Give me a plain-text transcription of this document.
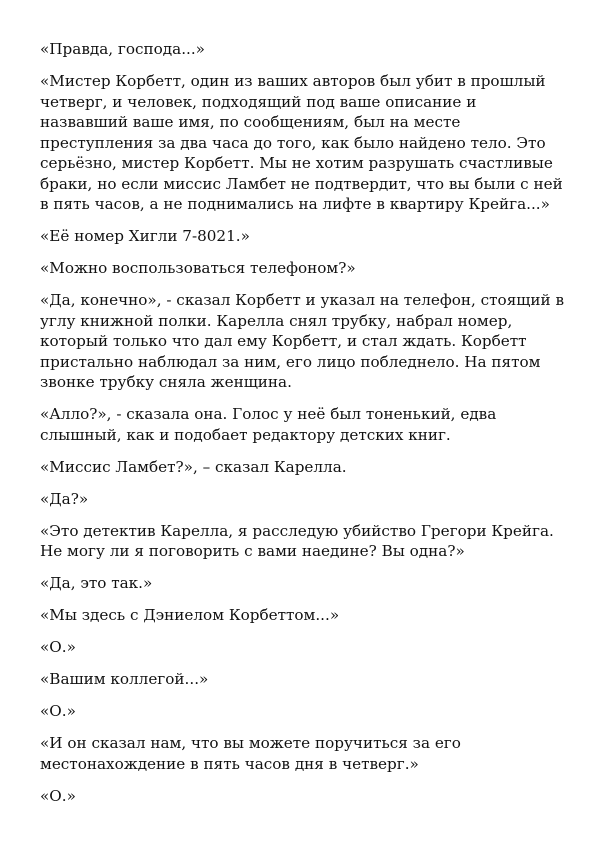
«Правда, господа...»

«Мистер Корбетт, один из ваших авторов был убит в прошлый
четверг, и человек, подходящий под ваше описание и
назвавший ваше имя, по сообщениям, был на месте
преступления за два часа до того, как было найдено тело. Это
серьёзно, мистер Корбетт. Мы не хотим разрушать счастливые
браки, но если миссис Ламбет не подтвердит, что вы были с ней
в пять часов, а не поднимались на лифте в квартиру Крейга...»

«Её номер Хигли 7-8021.»

«Можно воспользоваться телефоном?»

«Да, конечно», - сказал Корбетт и указал на телефон, стоящий в
углу книжной полки. Карелла снял трубку, набрал номер,
который только что дал ему Корбетт, и стал ждать. Корбетт
пристально наблюдал за ним, его лицо побледнело. На пятом
звонке трубку сняла женщина.

«Алло?», - сказала она. Голос у неё был тоненький, едва
слышный, как и подобает редактору детских книг.

«Миссис Ламбет?», – сказал Карелла.

«Да?»

«Это детектив Карелла, я расследую убийство Грегори Крейга.
Не могу ли я поговорить с вами наедине? Вы одна?»

«Да, это так.»

«Мы здесь с Дэниелом Корбеттом...»

«О.»

«Вашим коллегой...»

«О.»

«И он сказал нам, что вы можете поручиться за его
местонахождение в пять часов дня в четверг.»

«О.»
